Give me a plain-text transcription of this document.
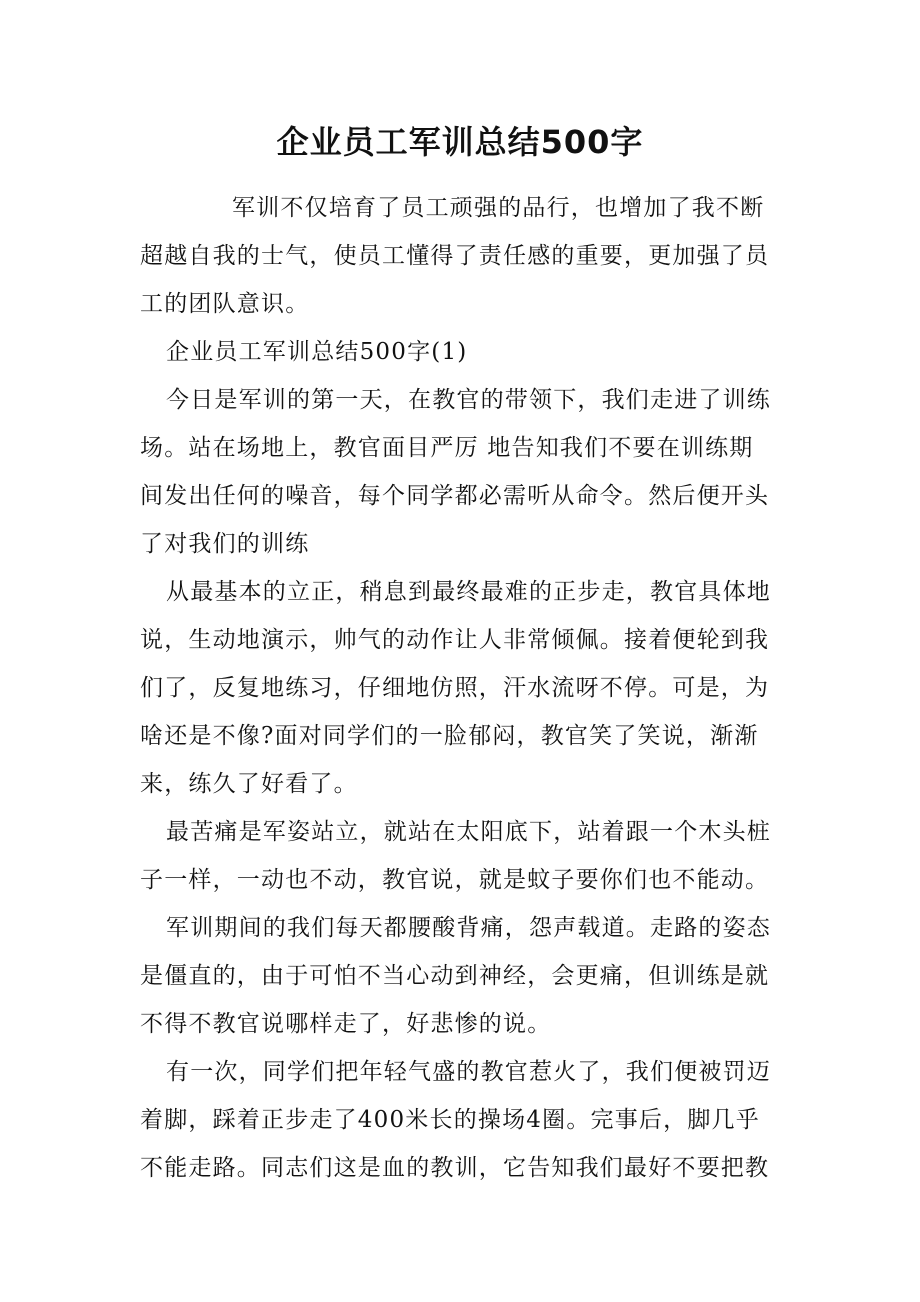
企业员工军训总结500字
军训不仅培育了员工顽强的品行，也增加了我不断
超越自我的士气，使员工懂得了责任感的重要，更加强了员
工的团队意识。
企业员工军训总结500字(1)
今日是军训的第一天，在教官的带领下，我们走进了训练
场。站在场地上，教官面目严厉 地告知我们不要在训练期
间发出任何的噪音，每个同学都必需听从命令。然后便开头
了对我们的训练
从最基本的立正，稍息到最终最难的正步走，教官具体地
说，生动地演示，帅气的动作让人非常倾佩。接着便轮到我
们了，反复地练习，仔细地仿照，汗水流呀不停。可是，为
啥还是不像?面对同学们的一脸郁闷，教官笑了笑说，渐渐
来，练久了好看了。
最苦痛是军姿站立，就站在太阳底下，站着跟一个木头桩
子一样，一动也不动，教官说，就是蚊子要你们也不能动。
军训期间的我们每天都腰酸背痛，怨声载道。走路的姿态
是僵直的，由于可怕不当心动到神经，会更痛，但训练是就
不得不教官说哪样走了，好悲惨的说。
有一次，同学们把年轻气盛的教官惹火了，我们便被罚迈
着脚，踩着正步走了400米长的操场4圈。完事后，脚几乎
不能走路。同志们这是血的教训，它告知我们最好不要把教
